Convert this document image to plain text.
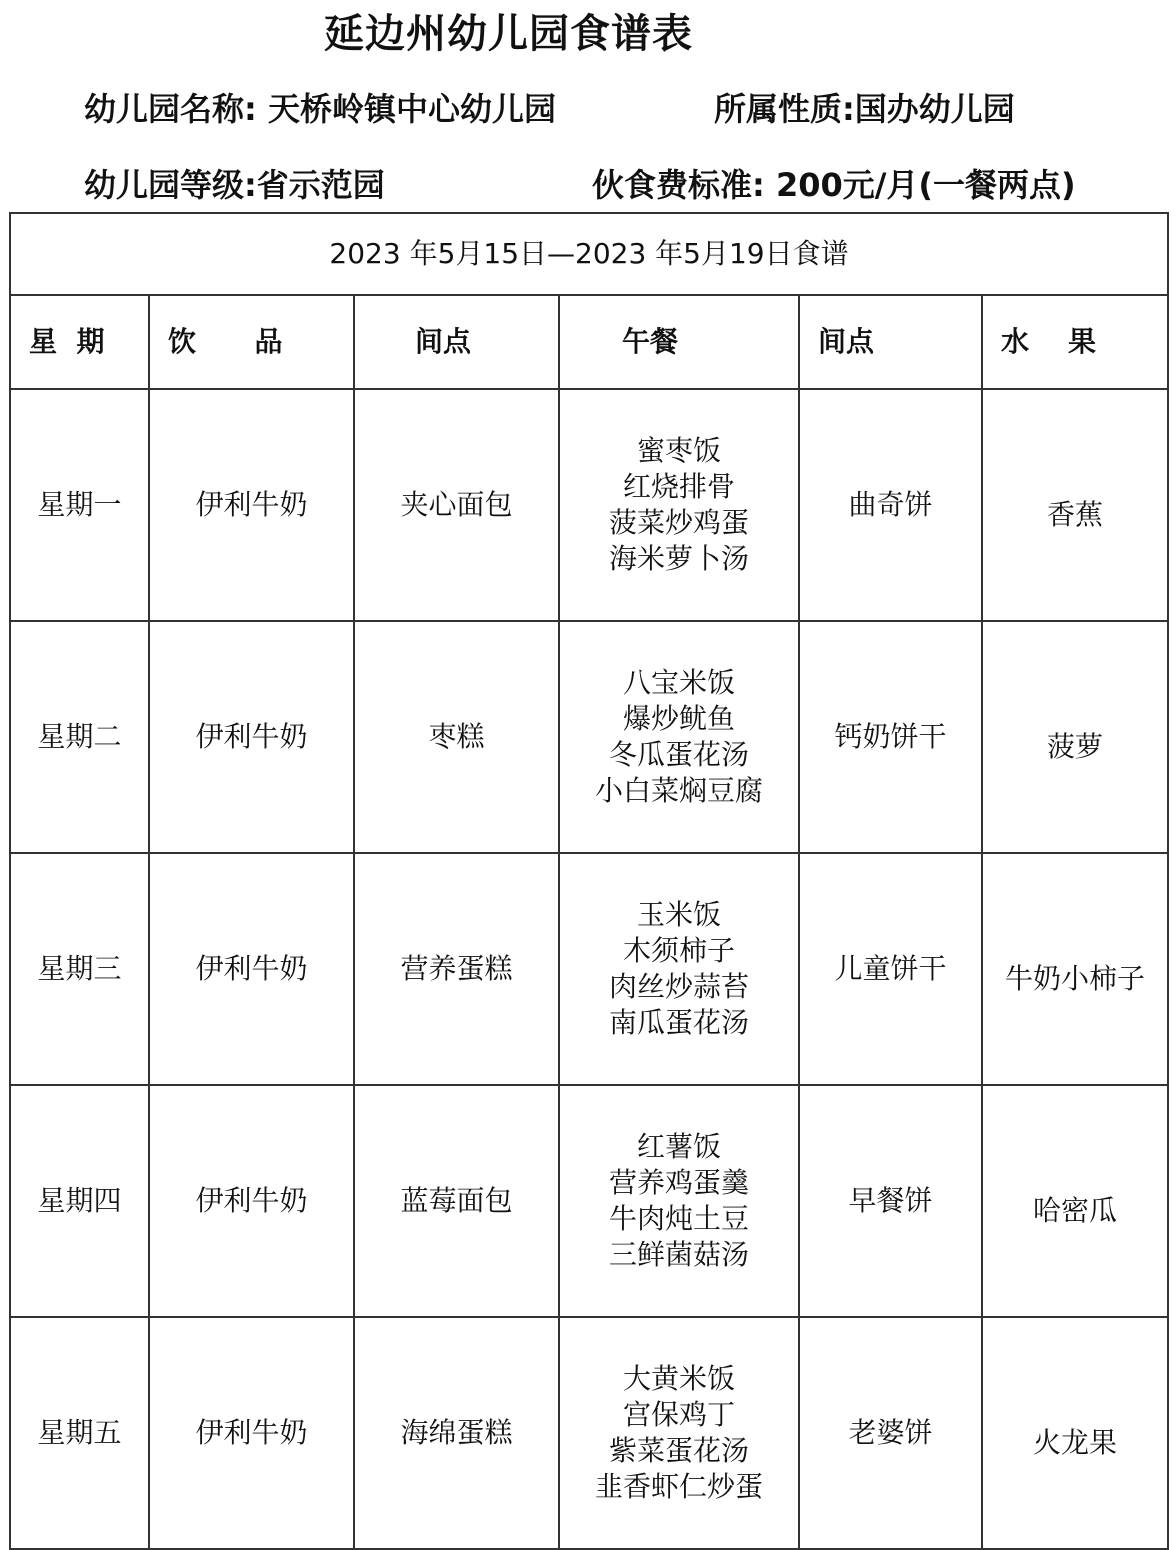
延边州幼儿园食谱表
幼儿园名称: 天桥岭镇中心幼儿园	所属性质:国办幼儿园
幼儿园等级:省示范园	伙食费标准: 200元/月(一餐两点)
2023 年5月15日—2023 年5月19日食谱					
星  期	饮      品	间点	午餐	间点	水    果
星期一	伊利牛奶	夹心面包	蜜枣饭
红烧排骨
菠菜炒鸡蛋
海米萝卜汤	曲奇饼	香蕉
星期二	伊利牛奶	枣糕	八宝米饭
爆炒鱿鱼
冬瓜蛋花汤
小白菜焖豆腐	钙奶饼干	菠萝
星期三	伊利牛奶	营养蛋糕	玉米饭
木须柿子
肉丝炒蒜苔
南瓜蛋花汤	儿童饼干	牛奶小柿子
星期四	伊利牛奶	蓝莓面包	红薯饭
营养鸡蛋羹
牛肉炖土豆
三鲜菌菇汤	早餐饼	哈密瓜
星期五	伊利牛奶	海绵蛋糕	大黄米饭
宫保鸡丁
紫菜蛋花汤
韭香虾仁炒蛋	老婆饼	火龙果
